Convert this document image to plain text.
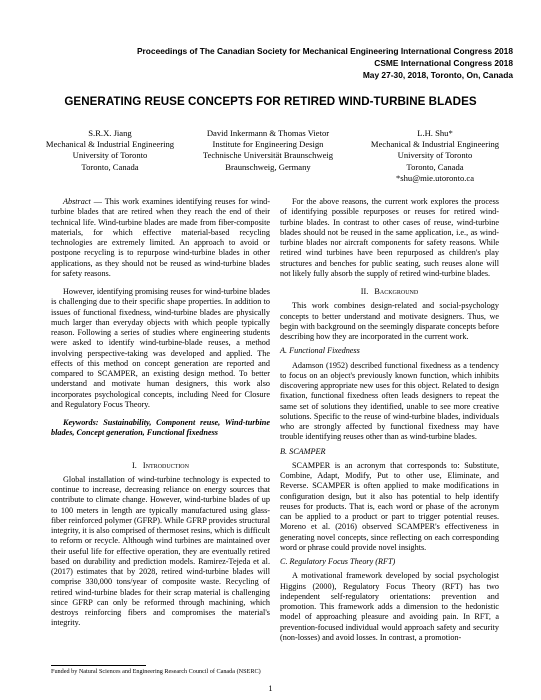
Proceedings of The Canadian Society for Mechanical Engineering International Congress 2018
CSME International Congress 2018
May 27-30, 2018, Toronto, On, Canada
GENERATING REUSE CONCEPTS FOR RETIRED WIND-TURBINE BLADES
S.R.X. Jiang
Mechanical & Industrial Engineering
University of Toronto
Toronto, Canada
David Inkermann & Thomas Vietor
Institute for Engineering Design
Technische Universität Braunschweig
Braunschweig, Germany
L.H. Shu*
Mechanical & Industrial Engineering
University of Toronto
Toronto, Canada
*shu@mie.utoronto.ca

Abstract — This work examines identifying reuses for wind-turbine blades that are retired when they reach the end of their technical life. Wind-turbine blades are made from fiber-composite materials, for which effective material-based recycling technologies are extremely limited. An approach to avoid or postpone recycling is to repurpose wind-turbine blades in other applications, as they should not be reused as wind-turbine blades for safety reasons.

However, identifying promising reuses for wind-turbine blades is challenging due to their specific shape properties. In addition to issues of functional fixedness, wind-turbine blades are physically much larger than everyday objects with which people typically reason. Following a series of studies where engineering students were asked to identify wind-turbine-blade reuses, a method involving perspective-taking was developed and applied. The effects of this method on concept generation are reported and compared to SCAMPER, an existing design method. To better understand and motivate human designers, this work also incorporates psychological concepts, including Need for Closure and Regulatory Focus Theory.

Keywords: Sustainability, Component reuse, Wind-turbine blades, Concept generation, Functional fixedness

I. Introduction

Global installation of wind-turbine technology is expected to continue to increase, decreasing reliance on energy sources that contribute to climate change. However, wind-turbine blades of up to 100 meters in length are typically manufactured using glass-fiber reinforced polymer (GFRP). While GFRP provides structural integrity, it is also comprised of thermoset resins, which is difficult to reform or recycle. Although wind turbines are maintained over their useful life for effective operation, they are eventually retired based on durability and prediction models. Ramirez-Tejeda et al. (2017) estimates that by 2028, retired wind-turbine blades will comprise 330,000 tons/year of composite waste. Recycling of retired wind-turbine blades for their scrap material is challenging since GFRP can only be reformed through machining, which destroys reinforcing fibers and compromises the material's integrity.

For the above reasons, the current work explores the process of identifying possible repurposes or reuses for retired wind-turbine blades. In contrast to other cases of reuse, wind-turbine blades should not be reused in the same application, i.e., as wind-turbine blades nor aircraft components for safety reasons. While retired wind turbines have been repurposed as children's play structures and benches for public seating, such reuses alone will not likely fully absorb the supply of retired wind-turbine blades.

II. Background

This work combines design-related and social-psychology concepts to better understand and motivate designers. Thus, we begin with background on the seemingly disparate concepts before describing how they are incorporated in the current work.

A. Functional Fixedness

Adamson (1952) described functional fixedness as a tendency to focus on an object's previously known function, which inhibits discovering appropriate new uses for this object. Related to design fixation, functional fixedness often leads designers to repeat the same set of solutions they identified, unable to see more creative solutions. Specific to the reuse of wind-turbine blades, individuals who are strongly affected by functional fixedness may have trouble identifying reuses other than as wind-turbine blades.

B. SCAMPER

SCAMPER is an acronym that corresponds to: Substitute, Combine, Adapt, Modify, Put to other use, Eliminate, and Reverse. SCAMPER is often applied to make modifications in configuration design, but it also has potential to help identify reuses for products. That is, each word or phase of the acronym can be applied to a product or part to trigger potential reuses. Moreno et al. (2016) observed SCAMPER's effectiveness in generating novel concepts, since reflecting on each corresponding word or phrase could provide novel insights.

C. Regulatory Focus Theory (RFT)

A motivational framework developed by social psychologist Higgins (2000), Regulatory Focus Theory (RFT) has two independent self-regulatory orientations: prevention and promotion. This framework adds a dimension to the hedonistic model of approaching pleasure and avoiding pain. In RFT, a prevention-focused individual would approach safety and security (non-losses) and avoid losses. In contrast, a promotion-

Funded by Natural Sciences and Engineering Research Council of Canada (NSERC)
1
